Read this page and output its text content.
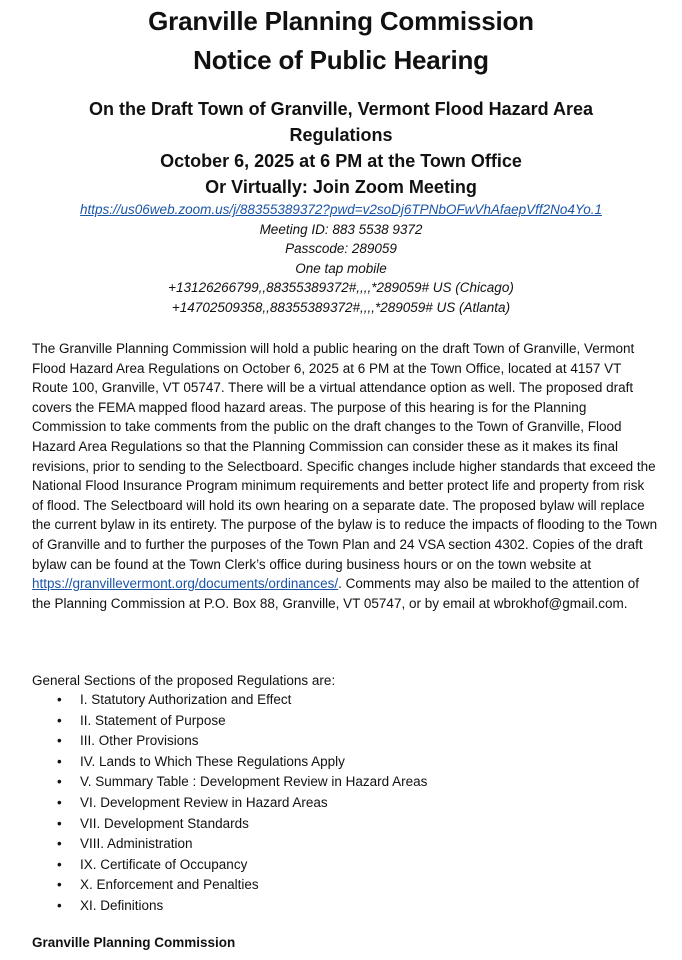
Granville Planning Commission
Notice of Public Hearing

On the Draft Town of Granville, Vermont Flood Hazard Area

Regulations

October 6, 2025 at 6 PM at the Town Office

Or Virtually: Join Zoom Meeting

https://us06web.zoom.us/j/88355389372?pwd=v2soDj6TPNbOFwVhAfaepVff2No4Yo.1

Meeting ID: 883 5538 9372

Passcode: 289059

One tap mobile

+13126266799,,88355389372#,,,,*289059# US (Chicago)

+14702509358,,88355389372#,,,,*289059# US (Atlanta)

The Granville Planning Commission will hold a public hearing on the draft Town of Granville, Vermont Flood Hazard Area Regulations on October 6, 2025 at 6 PM at the Town Office, located at 4157 VT Route 100, Granville, VT 05747. There will be a virtual attendance option as well. The proposed draft covers the FEMA mapped flood hazard areas. The purpose of this hearing is for the Planning Commission to take comments from the public on the draft changes to the Town of Granville, Flood Hazard Area Regulations so that the Planning Commission can consider these as it makes its final revisions, prior to sending to the Selectboard. Specific changes include higher standards that exceed the National Flood Insurance Program minimum requirements and better protect life and property from risk of flood. The Selectboard will hold its own hearing on a separate date. The proposed bylaw will replace the current bylaw in its entirety. The purpose of the bylaw is to reduce the impacts of flooding to the Town of Granville and to further the purposes of the Town Plan and 24 VSA section 4302. Copies of the draft bylaw can be found at the Town Clerk’s office during business hours or on the town website at https://granvillevermont.org/documents/ordinances/. Comments may also be mailed to the attention of the Planning Commission at P.O. Box 88, Granville, VT 05747, or by email at wbrokhof@gmail.com.

General Sections of the proposed Regulations are:

• I. Statutory Authorization and Effect
• II. Statement of Purpose
• III. Other Provisions
• IV. Lands to Which These Regulations Apply
• V. Summary Table : Development Review in Hazard Areas
• VI. Development Review in Hazard Areas
• VII. Development Standards
• VIII. Administration
• IX. Certificate of Occupancy
• X. Enforcement and Penalties
• XI. Definitions

Granville Planning Commission
